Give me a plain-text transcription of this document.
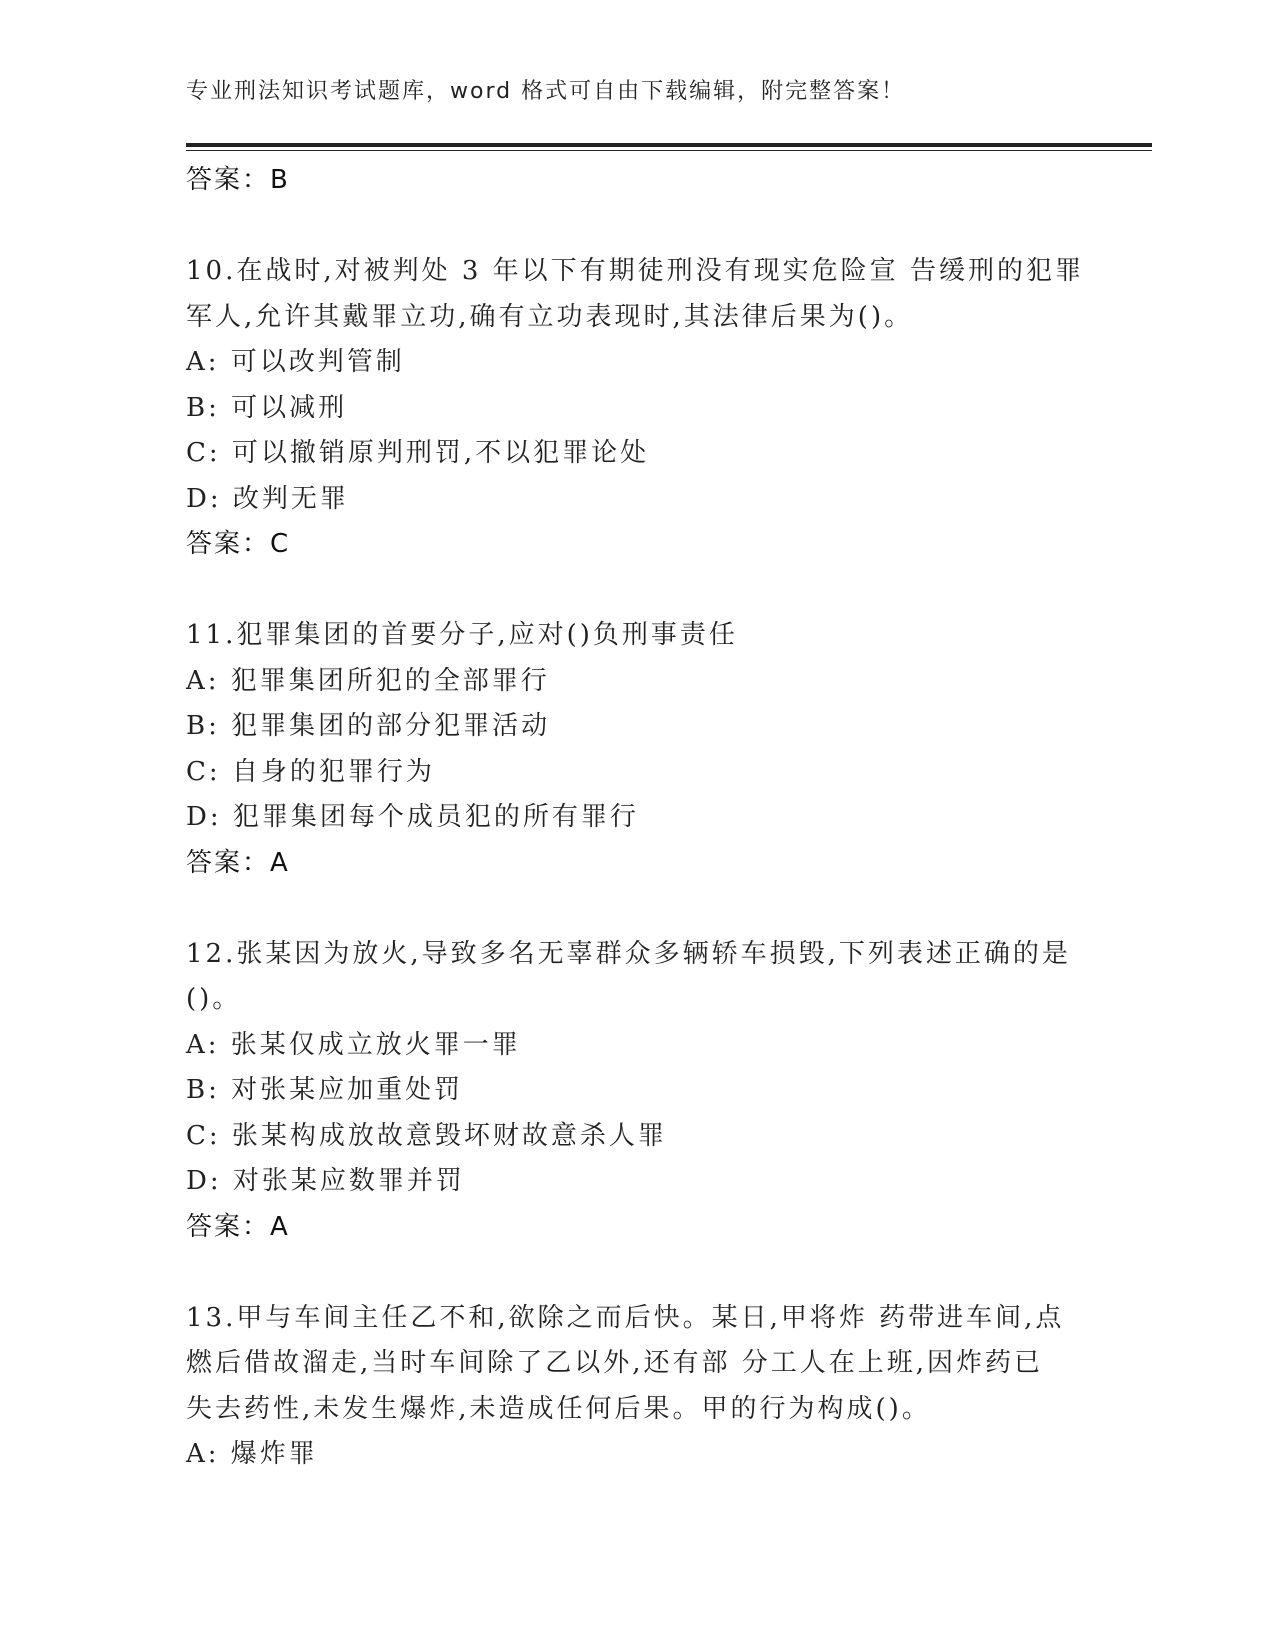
专业刑法知识考试题库，word 格式可自由下载编辑，附完整答案！
答案：B
10.在战时,对被判处 3 年以下有期徒刑没有现实危险宣 告缓刑的犯罪
军人,允许其戴罪立功,确有立功表现时,其法律后果为()。
A: 可以改判管制
B: 可以减刑
C: 可以撤销原判刑罚,不以犯罪论处
D: 改判无罪
答案：C
11.犯罪集团的首要分子,应对()负刑事责任
A: 犯罪集团所犯的全部罪行
B: 犯罪集团的部分犯罪活动
C: 自身的犯罪行为
D: 犯罪集团每个成员犯的所有罪行
答案：A
12.张某因为放火,导致多名无辜群众多辆轿车损毁,下列表述正确的是
()。
A: 张某仅成立放火罪一罪
B: 对张某应加重处罚
C: 张某构成放故意毁坏财故意杀人罪
D: 对张某应数罪并罚
答案：A
13.甲与车间主任乙不和,欲除之而后快。某日,甲将炸 药带进车间,点
燃后借故溜走,当时车间除了乙以外,还有部 分工人在上班,因炸药已
失去药性,未发生爆炸,未造成任何后果。甲的行为构成()。
A: 爆炸罪
